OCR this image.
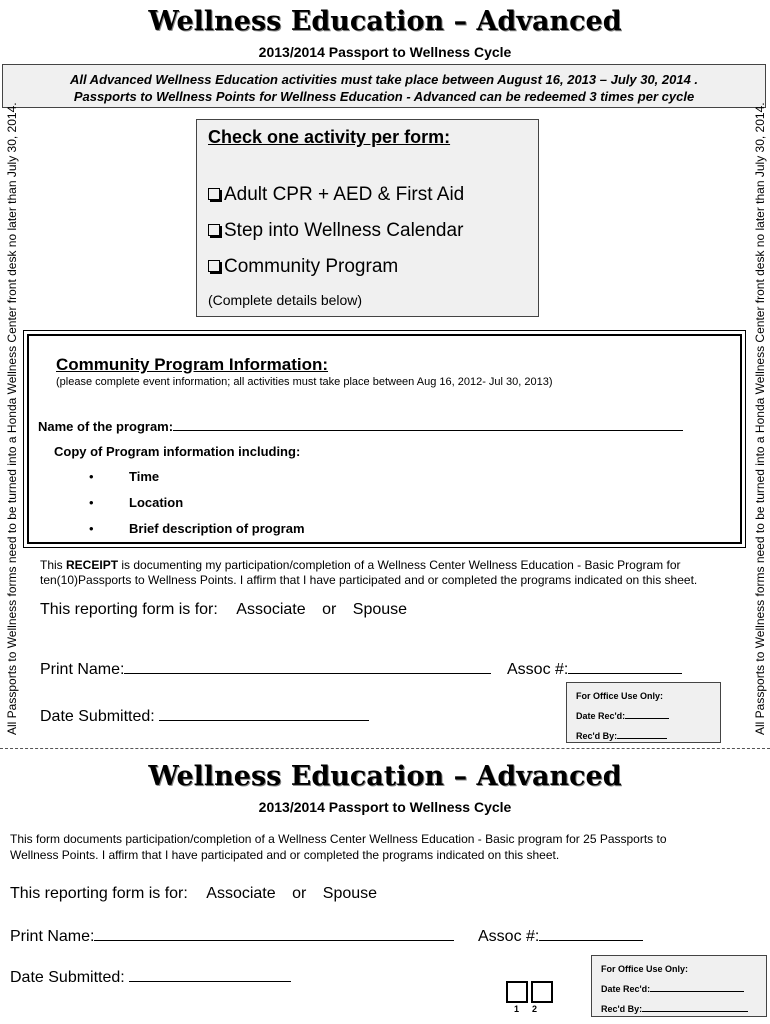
Wellness Education – Advanced
2013/2014 Passport to Wellness Cycle
All Advanced Wellness Education activities must take place between August 16, 2013 – July 30, 2014 .
Passports to Wellness Points for Wellness Education - Advanced can be redeemed 3 times per cycle
Check one activity per form:
Adult CPR + AED & First Aid
Step into Wellness Calendar
Community Program
(Complete details below)
All Passports to Wellness forms need to be turned into a Honda Wellness Center front desk no later than July 30, 2014.	All Passports to Wellness forms need to be turned into a Honda Wellness Center front desk no later than July 30, 2014.
Community Program Information:
(please complete event information; all activities must take place between Aug 16, 2012- Jul 30, 2013)
Name of the program:
Copy of Program information including:
•	Time
•	Location
•	Brief description of program
This RECEIPT is documenting my participation/completion of a Wellness Center Wellness Education - Basic Program for
ten(10)Passports to Wellness Points. I affirm that I have participated and or completed the programs indicated on this sheet.
This reporting form is for: Associate or Spouse
Print Name:	Assoc #:
Date Submitted:
For Office Use Only:
Date Rec'd:
Rec'd By:
Wellness Education – Advanced
2013/2014 Passport to Wellness Cycle
This form documents participation/completion of a Wellness Center Wellness Education - Basic program for 25 Passports to
Wellness Points. I affirm that I have participated and or completed the programs indicated on this sheet.
This reporting form is for: Associate or Spouse
Print Name:	Assoc #:
Date Submitted:
1 2
For Office Use Only:
Date Rec'd:
Rec'd By:
